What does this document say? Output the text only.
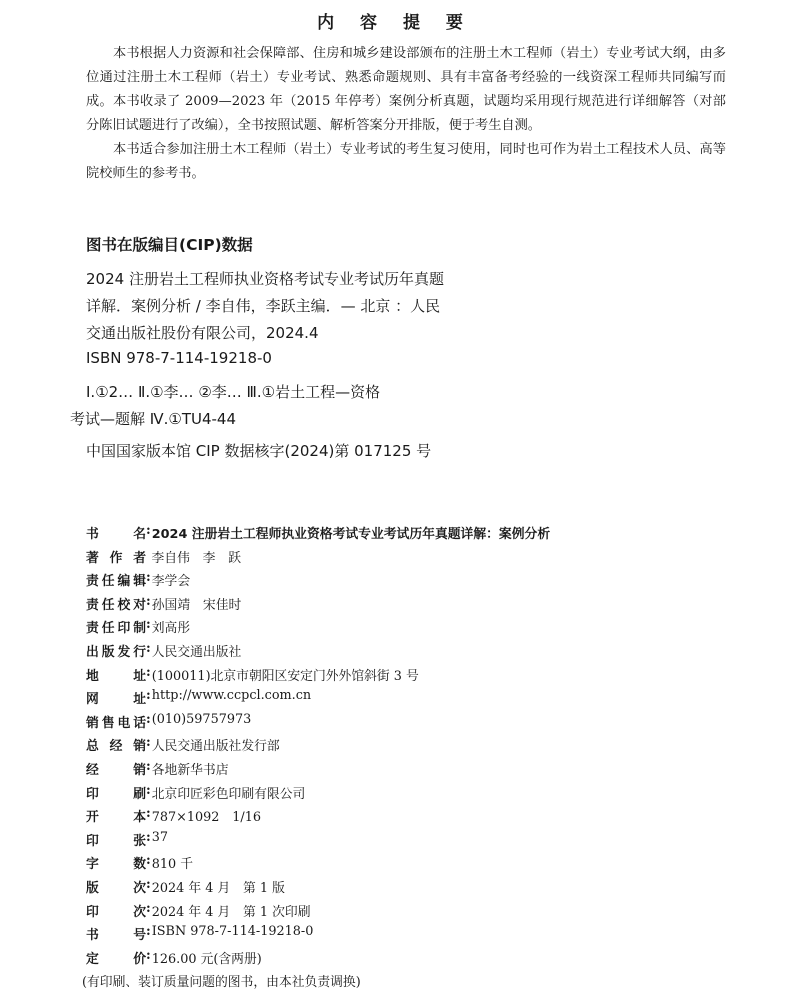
内 容 提 要

本书根据人力资源和社会保障部、住房和城乡建设部颁布的注册土木工程师（岩土）专业考试大纲，由多位通过注册土木工程师（岩土）专业考试、熟悉命题规则、具有丰富备考经验的一线资深工程师共同编写而成。本书收录了 2009—2023 年（2015 年停考）案例分析真题，试题均采用现行规范进行详细解答（对部分陈旧试题进行了改编），全书按照试题、解析答案分开排版，便于考生自测。

本书适合参加注册土木工程师（岩土）专业考试的考生复习使用，同时也可作为岩土工程技术人员、高等院校师生的参考书。

图书在版编目(CIP)数据
2024 注册岩土工程师执业资格考试专业考试历年真题
详解．案例分析 / 李自伟，李跃主编．— 北京 ：人民
交通出版社股份有限公司，2024.4
ISBN 978-7-114-19218-0
Ⅰ.①2… Ⅱ.①李… ②李… Ⅲ.①岩土工程—资格
考试—题解 Ⅳ.①TU4-44
中国国家版本馆 CIP 数据核字(2024)第 017125 号
书　名 : 2024 注册岩土工程师执业资格考试专业考试历年真题详解：案例分析
著 作 者
李自伟　李　跃
责任编辑 : 李学会
责任校对 : 孙国靖　宋佳时
责任印制 : 刘高彤
出版发行 : 人民交通出版社
地　址 : (100011)北京市朝阳区安定门外外馆斜街 3 号
网　址 : http://www.ccpcl.com.cn
销售电话 : (010)59757973
总 经 销 : 人民交通出版社发行部
经　销 : 各地新华书店
印　刷 : 北京印匠彩色印刷有限公司
开　本 : 787×1092　1/16
印　张 : 37
字　数 : 810 千
版　次 : 2024 年 4 月　第 1 版
印　次 : 2024 年 4 月　第 1 次印刷
书　号 : ISBN 978-7-114-19218-0
定　价 : 126.00 元(含两册)
(有印刷、装订质量问题的图书，由本社负责调换)
